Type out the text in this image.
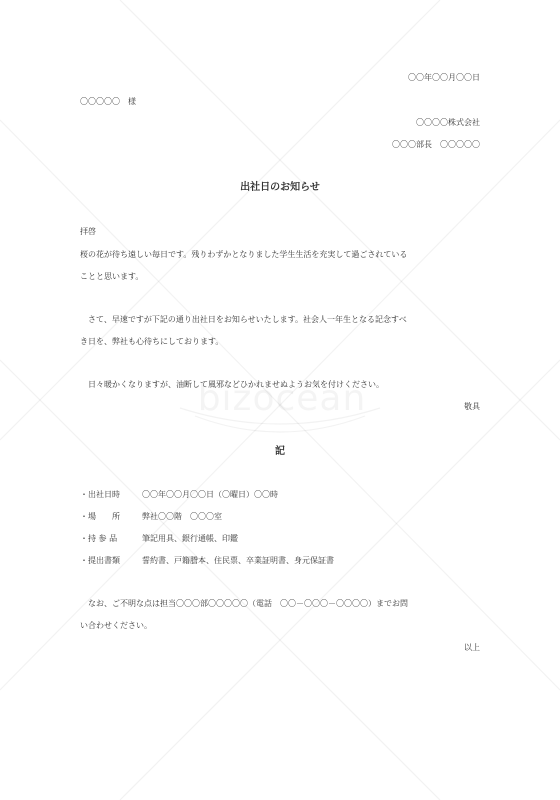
〇〇年〇〇月〇〇日
〇〇〇〇〇　様
〇〇〇〇株式会社
〇〇〇部長　〇〇〇〇〇
出社日のお知らせ
拝啓
桜の花が待ち遠しい毎日です。残りわずかとなりました学生生活を充実して過ごされている
ことと思います。
さて、早速ですが下記の通り出社日をお知らせいたします。社会人一年生となる記念すべ
き日を、弊社も心待ちにしております。
日々暖かくなりますが、油断して風邪などひかれませぬようお気を付けください。
敬具
記
・出社日時	〇〇年〇〇月〇〇日（〇曜日）〇〇時
・場　　所	弊社〇〇階　〇〇〇室
・持 参 品	筆記用具、銀行通帳、印鑑
・提出書類	誓約書、戸籍謄本、住民票、卒業証明書、身元保証書
なお、ご不明な点は担当〇〇〇部〇〇〇〇〇（電話　〇〇－〇〇〇－〇〇〇〇）までお問
い合わせください。
以上
